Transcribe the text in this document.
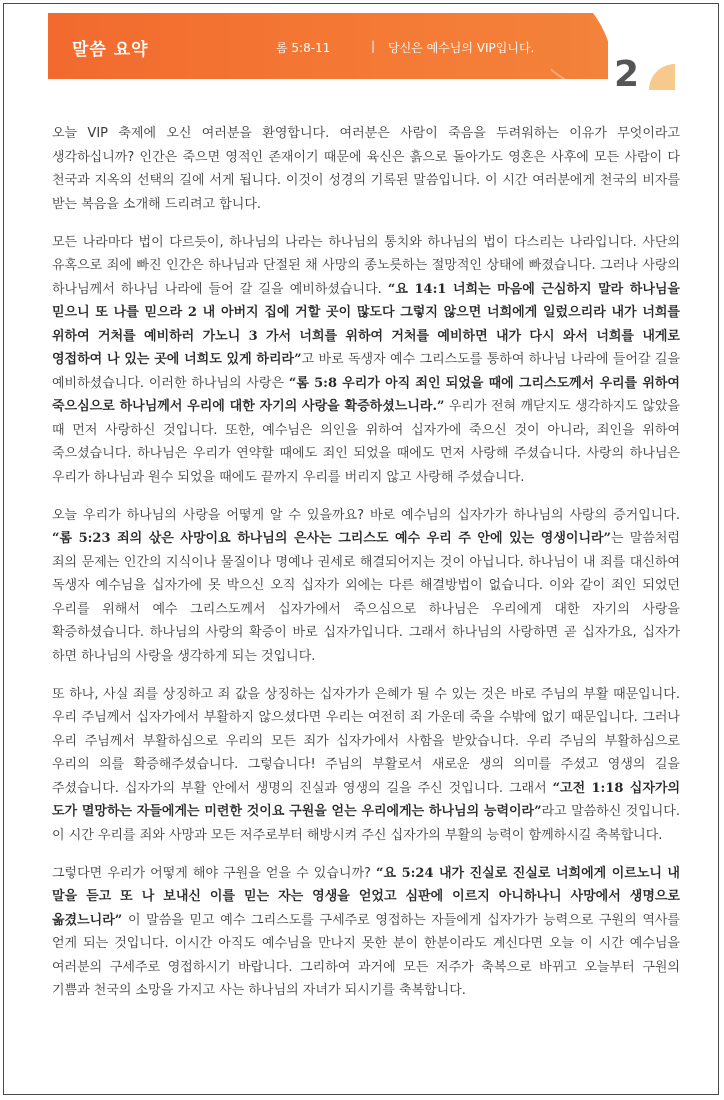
말씀 요약	롬 5:8-11	| 당신은 예수님의 VIP입니다.
2

오늘 VIP 축제에 오신 여러분을 환영합니다. 여러분은 사람이 죽음을 두려워하는 이유가 무엇이라고 생각하십니까? 인간은 죽으면 영적인 존재이기 때문에 육신은 흙으로 돌아가도 영혼은 사후에 모든 사람이 다 천국과 지옥의 선택의 길에 서게 됩니다. 이것이 성경의 기록된 말씀입니다. 이 시간 여러분에게 천국의 비자를 받는 복음을 소개해 드리려고 합니다.

모든 나라마다 법이 다르듯이, 하나님의 나라는 하나님의 통치와 하나님의 법이 다스리는 나라입니다. 사단의 유혹으로 죄에 빠진 인간은 하나님과 단절된 채 사망의 종노릇하는 절망적인 상태에 빠졌습니다. 그러나 사랑의 하나님께서 하나님 나라에 들어 갈 길을 예비하셨습니다. “요 14:1 너희는 마음에 근심하지 말라 하나님을 믿으니 또 나를 믿으라 2 내 아버지 집에 거할 곳이 많도다 그렇지 않으면 너희에게 일렀으리라 내가 너희를 위하여 거처를 예비하러 가노니 3 가서 너희를 위하여 거처를 예비하면 내가 다시 와서 너희를 내게로 영접하여 나 있는 곳에 너희도 있게 하리라”고 바로 독생자 예수 그리스도를 통하여 하나님 나라에 들어갈 길을 예비하셨습니다. 이러한 하나님의 사랑은 “롬 5:8 우리가 아직 죄인 되었을 때에 그리스도께서 우리를 위하여 죽으심으로 하나님께서 우리에 대한 자기의 사랑을 확증하셨느니라.” 우리가 전혀 깨닫지도 생각하지도 않았을 때 먼저 사랑하신 것입니다. 또한, 예수님은 의인을 위하여 십자가에 죽으신 것이 아니라, 죄인을 위하여 죽으셨습니다. 하나님은 우리가 연약할 때에도 죄인 되었을 때에도 먼저 사랑해 주셨습니다. 사랑의 하나님은 우리가 하나님과 원수 되었을 때에도 끝까지 우리를 버리지 않고 사랑해 주셨습니다.

오늘 우리가 하나님의 사랑을 어떻게 알 수 있을까요? 바로 예수님의 십자가가 하나님의 사랑의 증거입니다. “롬 5:23 죄의 삯은 사망이요 하나님의 은사는 그리스도 예수 우리 주 안에 있는 영생이니라”는 말씀처럼 죄의 문제는 인간의 지식이나 물질이나 명예나 권세로 해결되어지는 것이 아닙니다. 하나님이 내 죄를 대신하여 독생자 예수님을 십자가에 못 박으신 오직 십자가 외에는 다른 해결방법이 없습니다. 이와 같이 죄인 되었던 우리를 위해서 예수 그리스도께서 십자가에서 죽으심으로 하나님은 우리에게 대한 자기의 사랑을 확증하셨습니다. 하나님의 사랑의 확증이 바로 십자가입니다. 그래서 하나님의 사랑하면 곧 십자가요, 십자가 하면 하나님의 사랑을 생각하게 되는 것입니다.

또 하나, 사실 죄를 상징하고 죄 값을 상징하는 십자가가 은혜가 될 수 있는 것은 바로 주님의 부활 때문입니다. 우리 주님께서 십자가에서 부활하지 않으셨다면 우리는 여전히 죄 가운데 죽을 수밖에 없기 때문입니다. 그러나 우리 주님께서 부활하심으로 우리의 모든 죄가 십자가에서 사함을 받았습니다. 우리 주님의 부활하심으로 우리의 의를 확증해주셨습니다. 그렇습니다! 주님의 부활로서 새로운 생의 의미를 주셨고 영생의 길을 주셨습니다. 십자가의 부활 안에서 생명의 진실과 영생의 길을 주신 것입니다. 그래서 “고전 1:18 십자가의 도가 멸망하는 자들에게는 미련한 것이요 구원을 얻는 우리에게는 하나님의 능력이라”라고 말씀하신 것입니다. 이 시간 우리를 죄와 사망과 모든 저주로부터 해방시켜 주신 십자가의 부활의 능력이 함께하시길 축복합니다.

그렇다면 우리가 어떻게 해야 구원을 얻을 수 있습니까? “요 5:24 내가 진실로 진실로 너희에게 이르노니 내 말을 듣고 또 나 보내신 이를 믿는 자는 영생을 얻었고 심판에 이르지 아니하나니 사망에서 생명으로 옮겼느니라” 이 말씀을 믿고 예수 그리스도를 구세주로 영접하는 자들에게 십자가가 능력으로 구원의 역사를 얻게 되는 것입니다. 이시간 아직도 예수님을 만나지 못한 분이 한분이라도 계신다면 오늘 이 시간 예수님을 여러분의 구세주로 영접하시기 바랍니다. 그리하여 과거에 모든 저주가 축복으로 바뀌고 오늘부터 구원의 기쁨과 천국의 소망을 가지고 사는 하나님의 자녀가 되시기를 축복합니다.
